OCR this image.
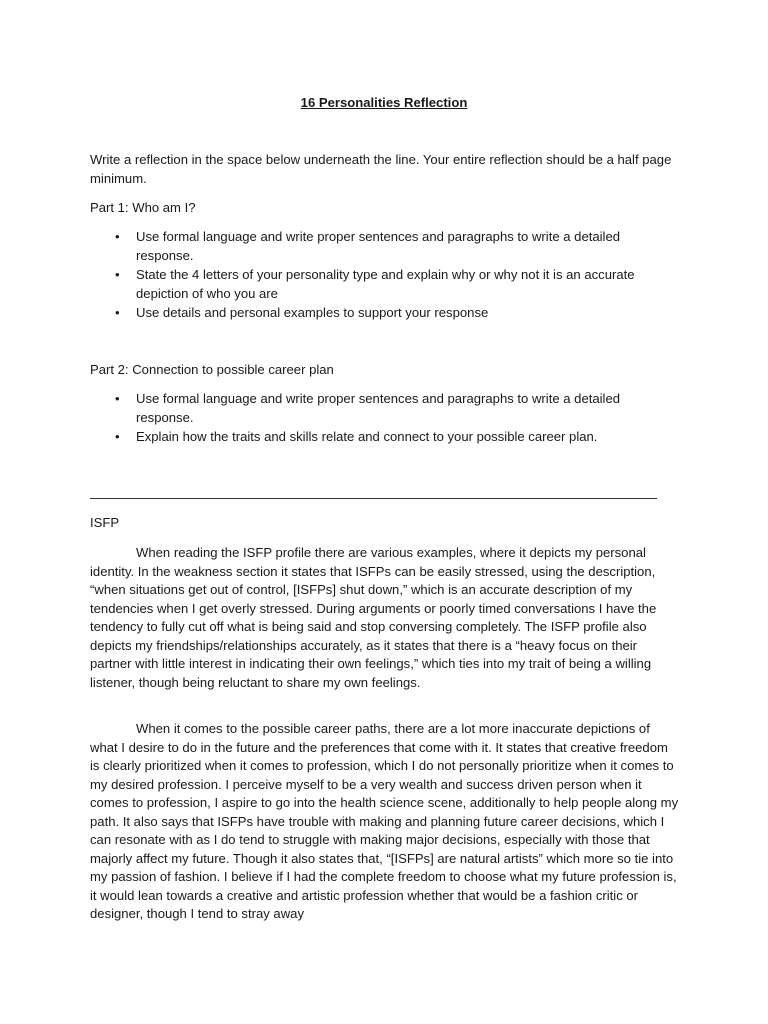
16 Personalities Reflection

Write a reflection in the space below underneath the line. Your entire reflection should be a half page minimum.

Part 1: Who am I?

• Use formal language and write proper sentences and paragraphs to write a detailed response.
• State the 4 letters of your personality type and explain why or why not it is an accurate depiction of who you are
• Use details and personal examples to support your response

Part 2: Connection to possible career plan

• Use formal language and write proper sentences and paragraphs to write a detailed response.
• Explain how the traits and skills relate and connect to your possible career plan.

ISFP

When reading the ISFP profile there are various examples, where it depicts my personal identity. In the weakness section it states that ISFPs can be easily stressed, using the description, “when situations get out of control, [ISFPs] shut down,” which is an accurate description of my tendencies when I get overly stressed. During arguments or poorly timed conversations I have the tendency to fully cut off what is being said and stop conversing completely. The ISFP profile also depicts my friendships/relationships accurately, as it states that there is a “heavy focus on their partner with little interest in indicating their own feelings,” which ties into my trait of being a willing listener, though being reluctant to share my own feelings.

When it comes to the possible career paths, there are a lot more inaccurate depictions of what I desire to do in the future and the preferences that come with it. It states that creative freedom is clearly prioritized when it comes to profession, which I do not personally prioritize when it comes to my desired profession. I perceive myself to be a very wealth and success driven person when it comes to profession, I aspire to go into the health science scene, additionally to help people along my path. It also says that ISFPs have trouble with making and planning future career decisions, which I can resonate with as I do tend to struggle with making major decisions, especially with those that majorly affect my future. Though it also states that, “[ISFPs] are natural artists” which more so tie into my passion of fashion. I believe if I had the complete freedom to choose what my future profession is, it would lean towards a creative and artistic profession whether that would be a fashion critic or designer, though I tend to stray away
